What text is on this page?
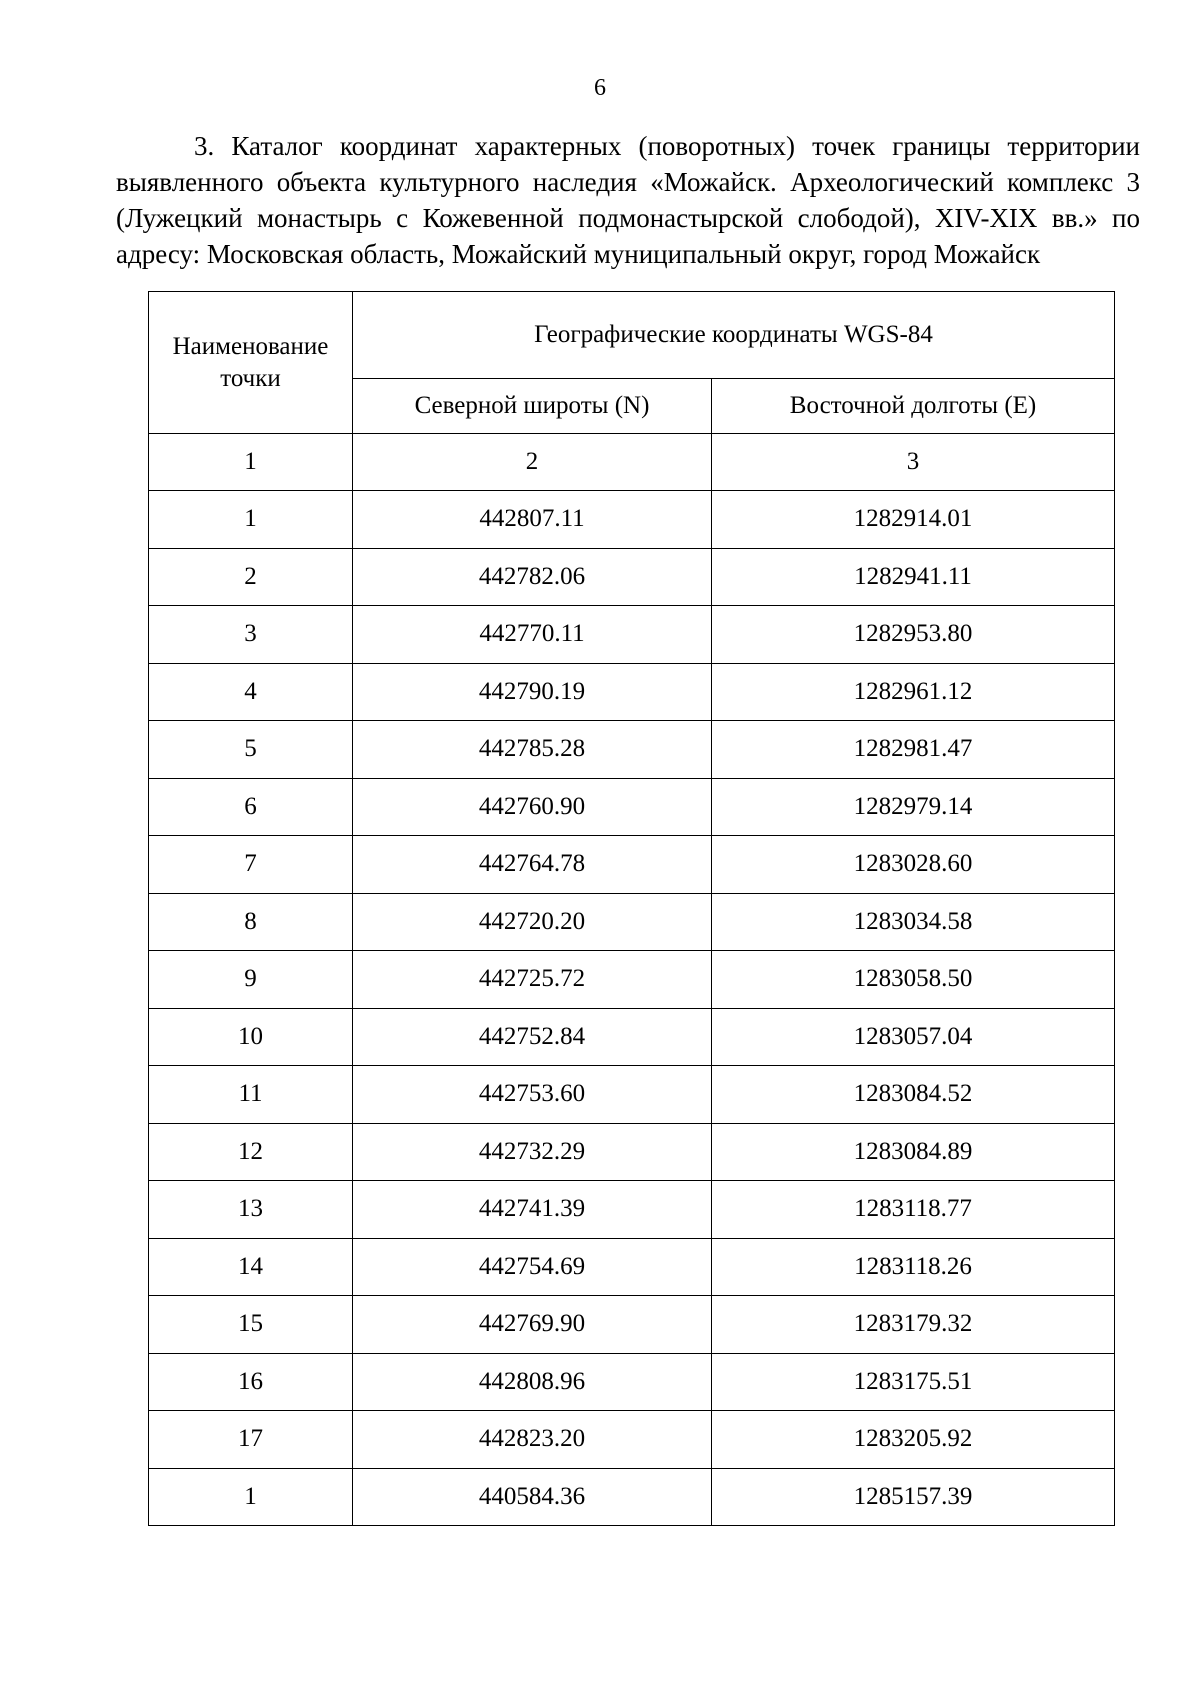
6

3. Каталог координат характерных (поворотных) точек границы территории выявленного объекта культурного наследия «Можайск. Археологический комплекс 3 (Лужецкий монастырь с Кожевенной подмонастырской слободой), XIV-XIX вв.» по адресу: Московская область, Можайский муниципальный округ, город Можайск

Наименование точки	Географические координаты WGS-84	
	Северной широты (N)	Восточной долготы (E)
1	2	3
1	442807.11	1282914.01
2	442782.06	1282941.11
3	442770.11	1282953.80
4	442790.19	1282961.12
5	442785.28	1282981.47
6	442760.90	1282979.14
7	442764.78	1283028.60
8	442720.20	1283034.58
9	442725.72	1283058.50
10	442752.84	1283057.04
11	442753.60	1283084.52
12	442732.29	1283084.89
13	442741.39	1283118.77
14	442754.69	1283118.26
15	442769.90	1283179.32
16	442808.96	1283175.51
17	442823.20	1283205.92
1	440584.36	1285157.39
